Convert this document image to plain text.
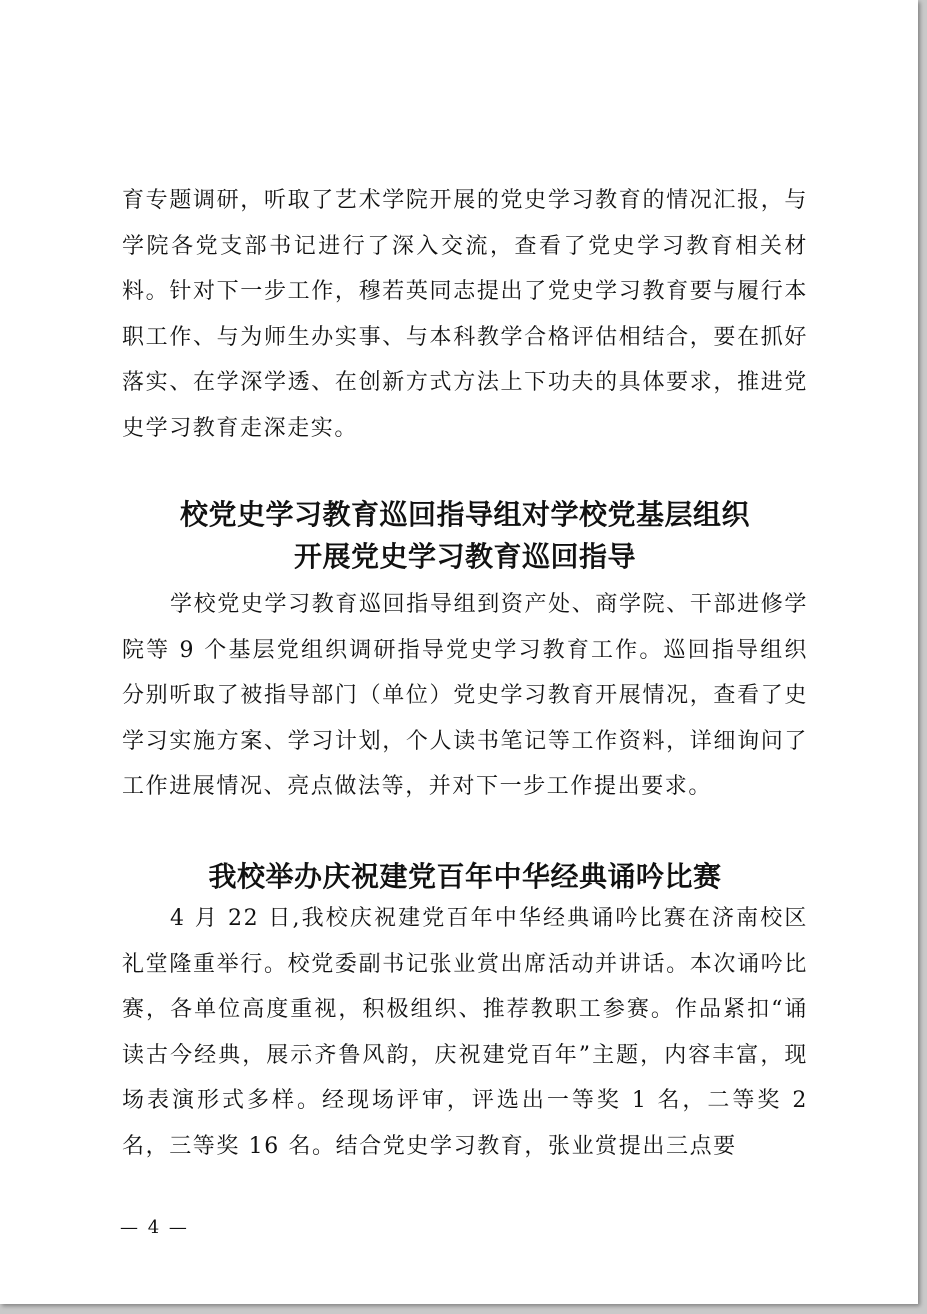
育专题调研，听取了艺术学院开展的党史学习教育的情况汇报，与学院各党支部书记进行了深入交流，查看了党史学习教育相关材料。针对下一步工作，穆若英同志提出了党史学习教育要与履行本职工作、与为师生办实事、与本科教学合格评估相结合，要在抓好落实、在学深学透、在创新方式方法上下功夫的具体要求，推进党史学习教育走深走实。

校党史学习教育巡回指导组对学校党基层组织
开展党史学习教育巡回指导

学校党史学习教育巡回指导组到资产处、商学院、干部进修学院等 9 个基层党组织调研指导党史学习教育工作。巡回指导组织分别听取了被指导部门（单位）党史学习教育开展情况，查看了史学习实施方案、学习计划，个人读书笔记等工作资料，详细询问了工作进展情况、亮点做法等，并对下一步工作提出要求。

我校举办庆祝建党百年中华经典诵吟比赛

4 月 22 日,我校庆祝建党百年中华经典诵吟比赛在济南校区礼堂隆重举行。校党委副书记张业赏出席活动并讲话。本次诵吟比赛，各单位高度重视，积极组织、推荐教职工参赛。作品紧扣“诵读古今经典，展示齐鲁风韵，庆祝建党百年”主题，内容丰富，现场表演形式多样。经现场评审，评选出一等奖 1 名，二等奖 2 名，三等奖 16 名。结合党史学习教育，张业赏提出三点要

— 4 —
